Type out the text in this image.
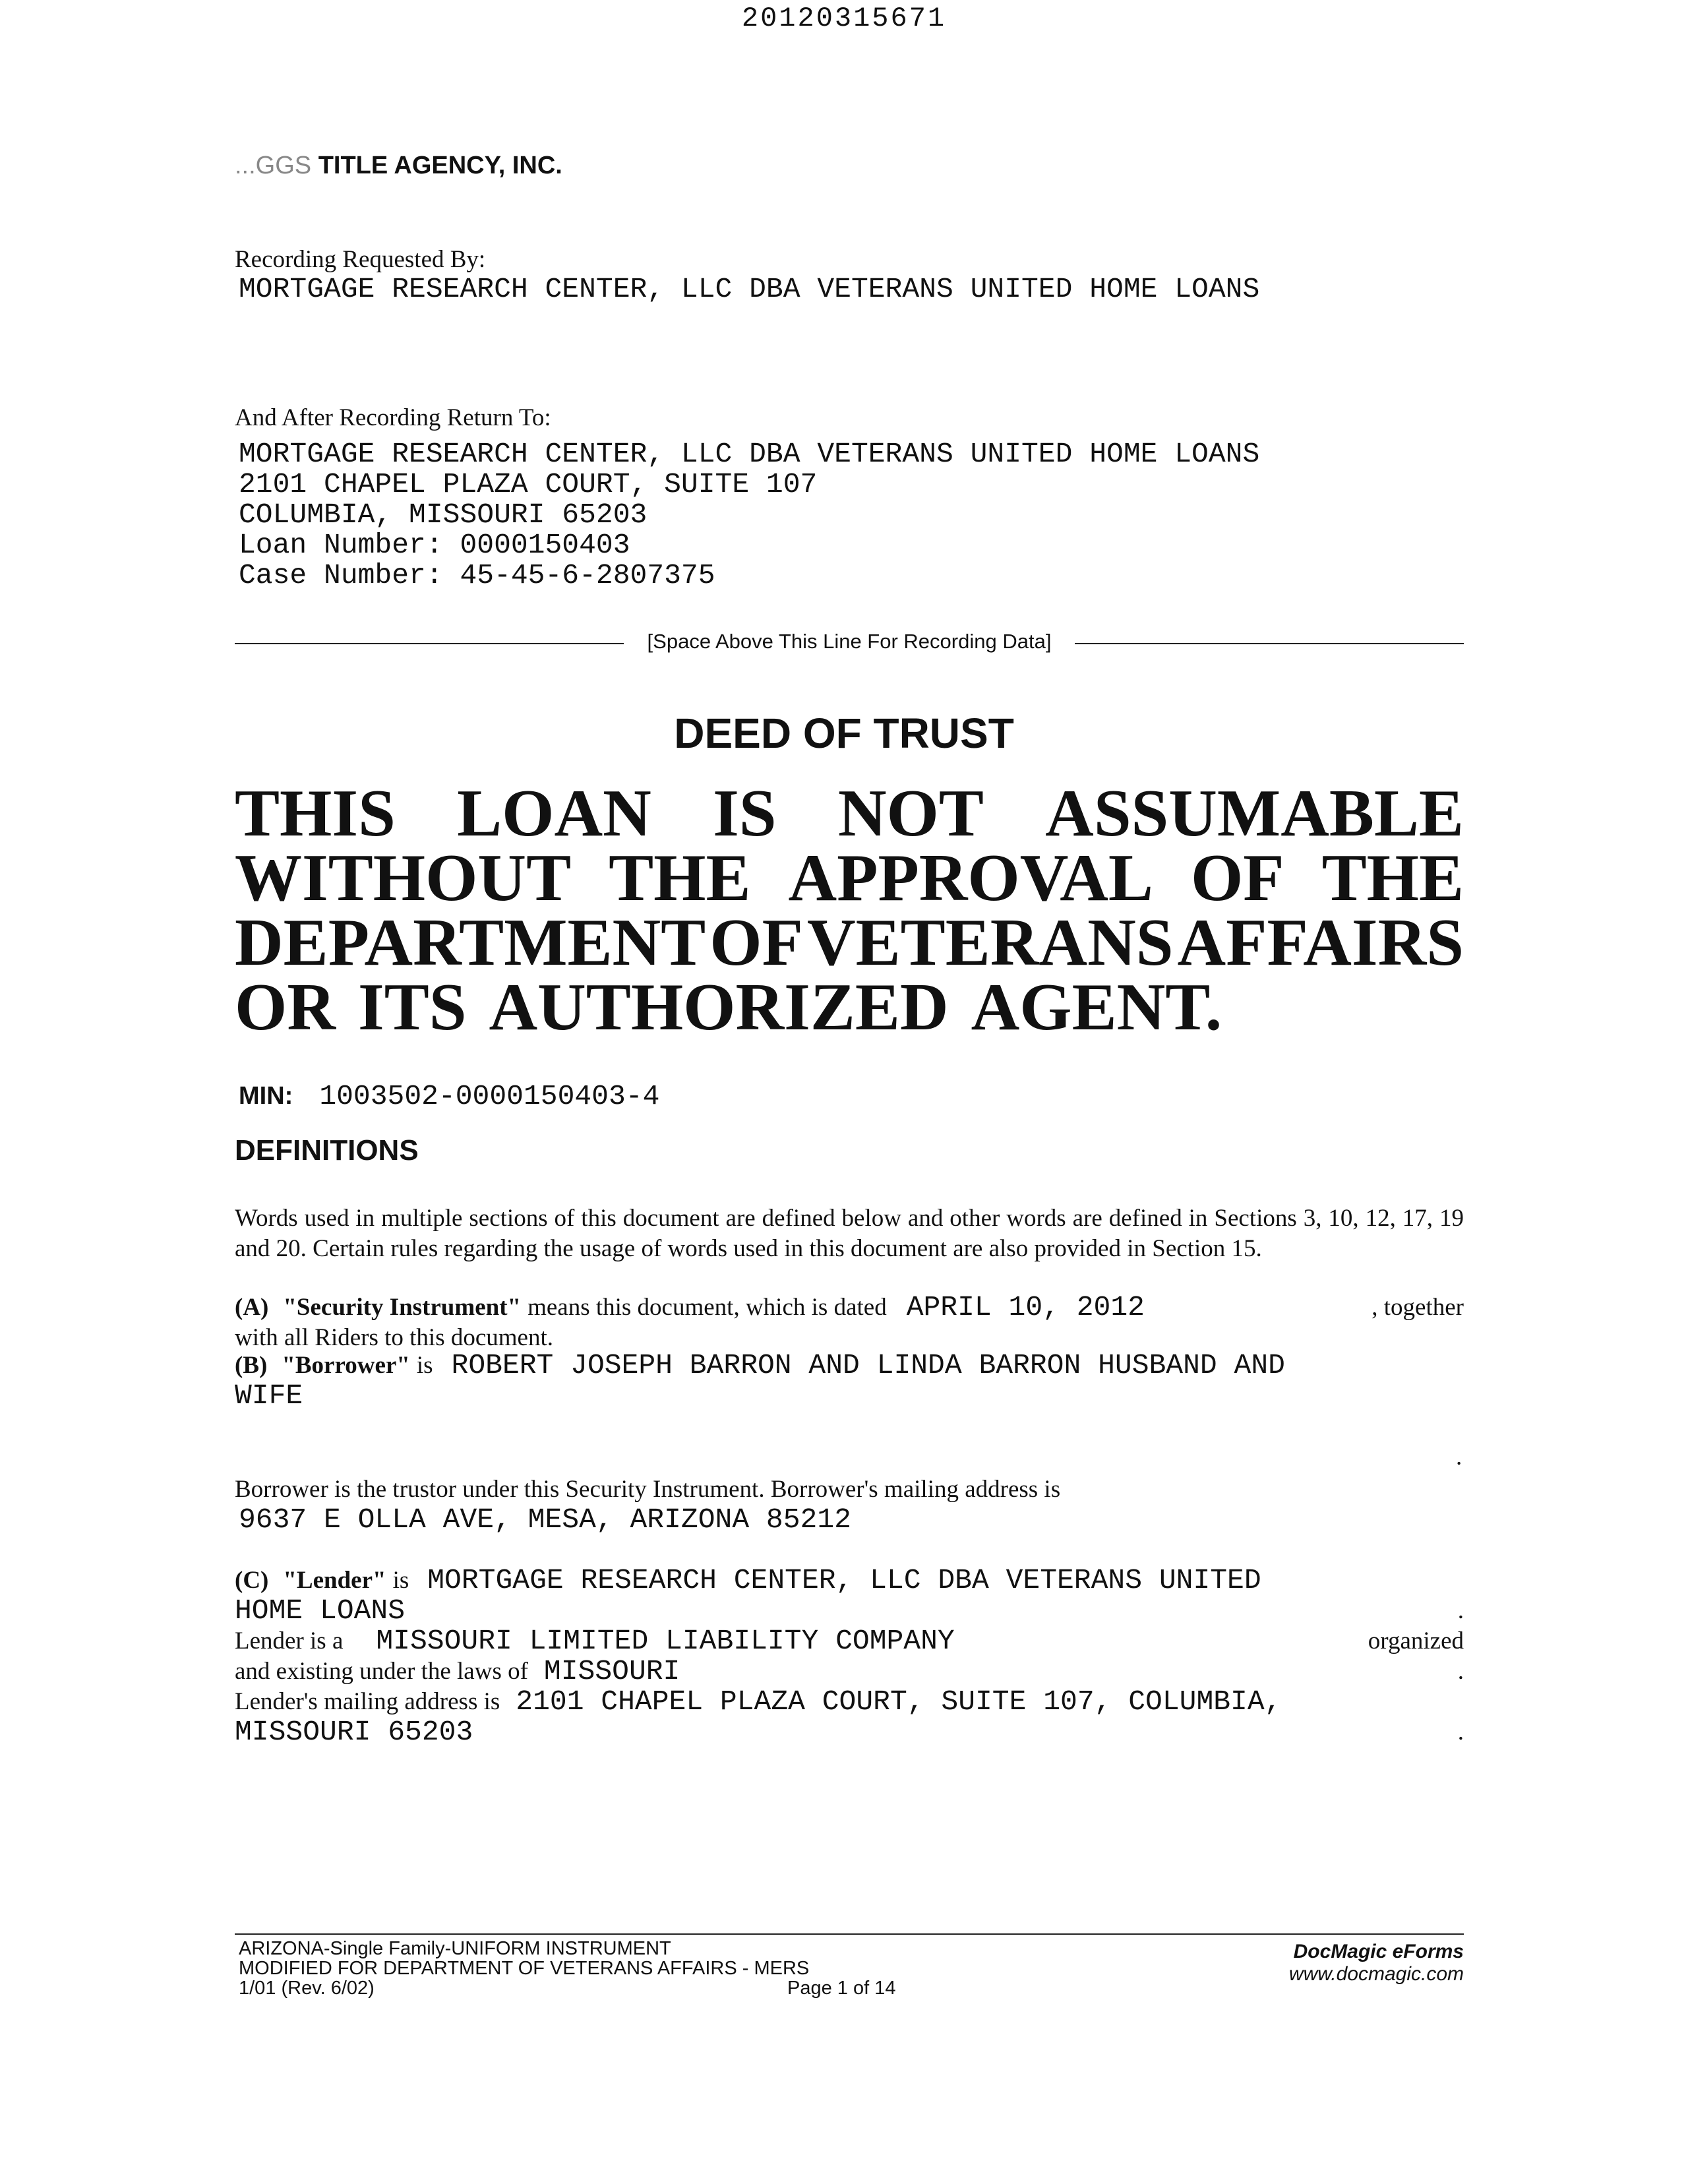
20120315671
...GGS TITLE AGENCY, INC.
Recording Requested By:
MORTGAGE RESEARCH CENTER, LLC DBA VETERANS UNITED HOME LOANS
And After Recording Return To:
MORTGAGE RESEARCH CENTER, LLC DBA VETERANS UNITED HOME LOANS
2101 CHAPEL PLAZA COURT, SUITE 107
COLUMBIA, MISSOURI 65203
Loan Number: 0000150403
Case Number: 45-45-6-2807375
[Space Above This Line For Recording Data]
DEED OF TRUST
THIS LOAN IS NOT ASSUMABLE
WITHOUT THE APPROVAL OF THE
DEPARTMENT OF VETERANS AFFAIRS
OR ITS AUTHORIZED AGENT.
MIN: 1003502-0000150403-4
DEFINITIONS
Words used in multiple sections of this document are defined below and other words are defined in Sections 3, 10, 12, 17, 19 and 20. Certain rules regarding the usage of words used in this document are also provided in Section 15.
(A) "Security Instrument" means this document, which is dated APRIL 10, 2012	, together
with all Riders to this document.
(B) "Borrower" is ROBERT JOSEPH BARRON AND LINDA BARRON HUSBAND AND
WIFE
.
Borrower is the trustor under this Security Instrument. Borrower's mailing address is
9637 E OLLA AVE, MESA, ARIZONA 85212
(C) "Lender" is MORTGAGE RESEARCH CENTER, LLC DBA VETERANS UNITED
HOME LOANS	.
Lender is a MISSOURI LIMITED LIABILITY COMPANY	organized
and existing under the laws of MISSOURI	.
Lender's mailing address is 2101 CHAPEL PLAZA COURT, SUITE 107, COLUMBIA,
MISSOURI 65203	.
ARIZONA-Single Family-UNIFORM INSTRUMENT
MODIFIED FOR DEPARTMENT OF VETERANS AFFAIRS - MERS
1/01 (Rev. 6/02)	Page 1 of 14
DocMagic eForms
www.docmagic.com
